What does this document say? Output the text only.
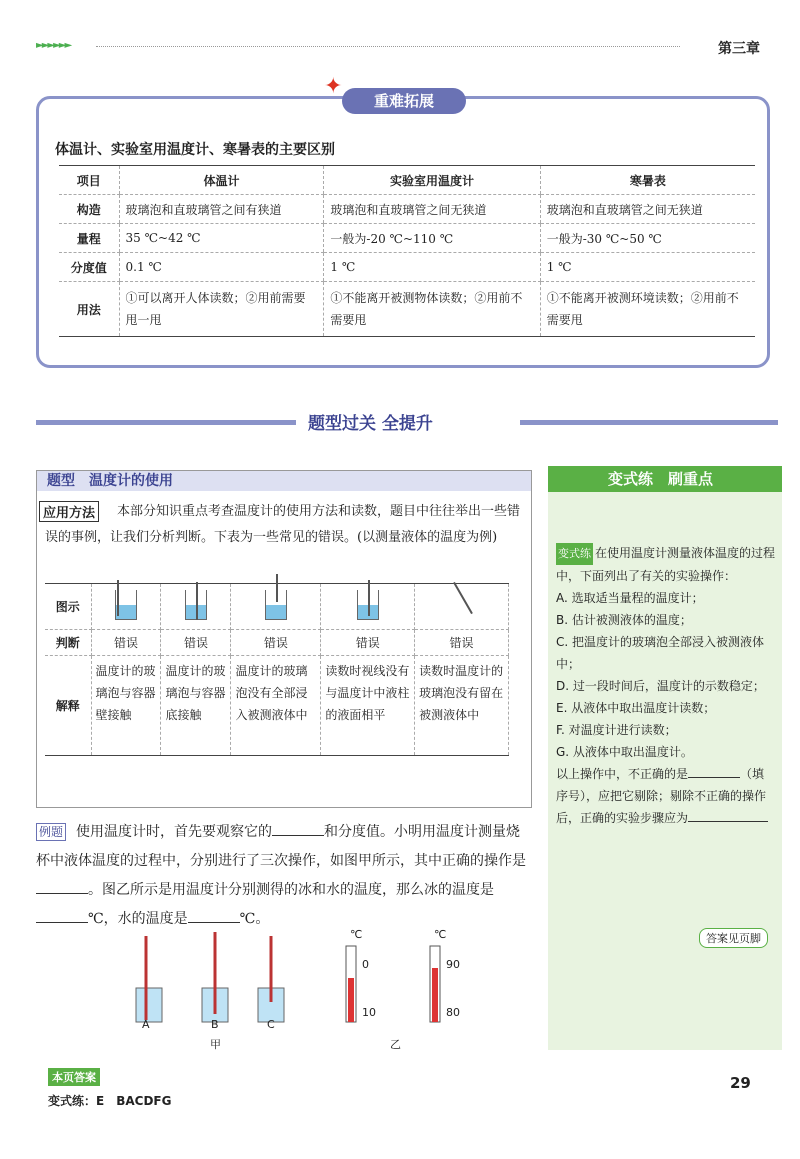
►►►►►►	第三章
体温计、实验室用温度计、寒暑表的主要区别
项目	体温计	实验室用温度计	寒暑表
构造	玻璃泡和直玻璃管之间有狭道	玻璃泡和直玻璃管之间无狭道	玻璃泡和直玻璃管之间无狭道
量程	35 ℃~42 ℃	一般为-20 ℃~110 ℃	一般为-30 ℃~50 ℃
分度值	0.1 ℃	1 ℃	1 ℃
用法	①可以离开人体读数；②用前需要甩一甩	①不能离开被测物体读数；②用前不需要甩	①不能离开被测环境读数；②用前不需要甩
✦
重难拓展
题型过关 全提升
题型　温度计的使用
本部分知识重点考查温度计的使用方法和读数，题目中往往举出一些错误的事例，让我们分析判断。下表为一些常见的错误。(以测量液体的温度为例)
应用方法
图示	

判断	错误	错误	错误	错误	错误
解释	温度计的玻璃泡与容器壁接触	温度计的玻璃泡与容器底接触	温度计的玻璃泡没有全部浸入被测液体中	读数时视线没有与温度计中液柱的液面相平	读数时温度计的玻璃泡没有留在被测液体中
例题 使用温度计时，首先要观察它的	和分度值。小明用温度计测量烧杯中液体温度的过程中，分别进行了三次操作，如图甲所示，其中正确的操作是。图乙所示是用温度计分别测得的冰和水的温度，那么冰的温度是℃，水的温度是	℃。
A	B	C
甲	乙
℃
0
10
℃
90
80
变式练　刷重点
变式练 在使用温度计测量液体温度的过程中，下面列出了有关的实验操作：
A. 选取适当量程的温度计；
B. 估计被测液体的温度；
C. 把温度计的玻璃泡全部浸入被测液体中；
D. 过一段时间后，温度计的示数稳定；
E. 从液体中取出温度计读数；
F. 对温度计进行读数；
G. 从液体中取出温度计。
以上操作中，不正确的是	（填序号），应把它剔除；剔除不正确的操作后，正确的实验步骤应为
答案见页脚
本页答案
变式练：E　BACDFG
29
